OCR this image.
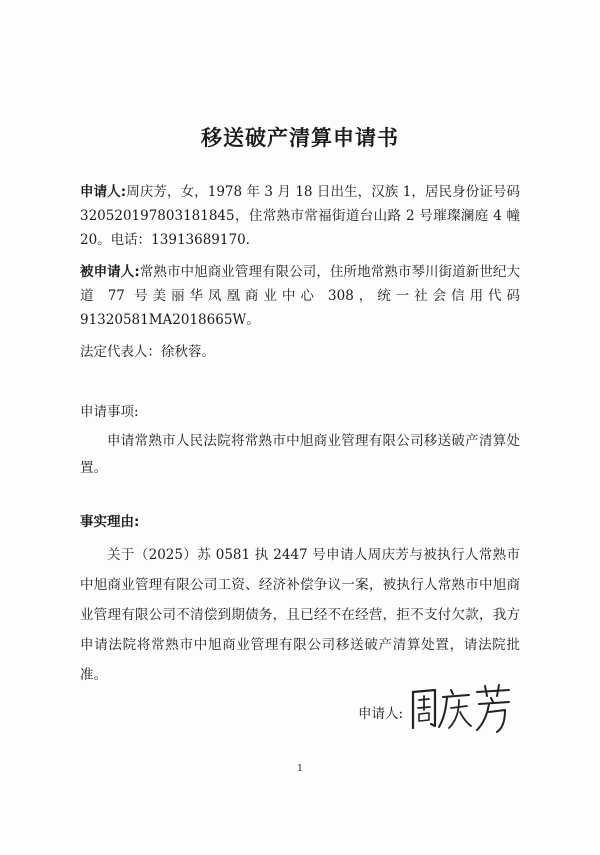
移送破产清算申请书

申请人:周庆芳，女，1978 年 3 月 18 日出生，汉族 1，居民身份证号码 320520197803181845，住常熟市常福街道台山路 2 号璀璨澜庭 4 幢 20。电话：13913689170.

被申请人:常熟市中旭商业管理有限公司，住所地常熟市琴川街道新世纪大道 77 号美丽华凤凰商业中心 308，统一社会信用代码 91320581MA2018665W。

法定代表人：徐秋蓉。

申请事项:

申请常熟市人民法院将常熟市中旭商业管理有限公司移送破产清算处置。

事实理由:

关于（2025）苏 0581 执 2447 号申请人周庆芳与被执行人常熟市中旭商业管理有限公司工资、经济补偿争议一案，被执行人常熟市中旭商业管理有限公司不清偿到期债务，且已经不在经营，拒不支付欠款，我方申请法院将常熟市中旭商业管理有限公司移送破产清算处置，请法院批准。

申请人:
1
